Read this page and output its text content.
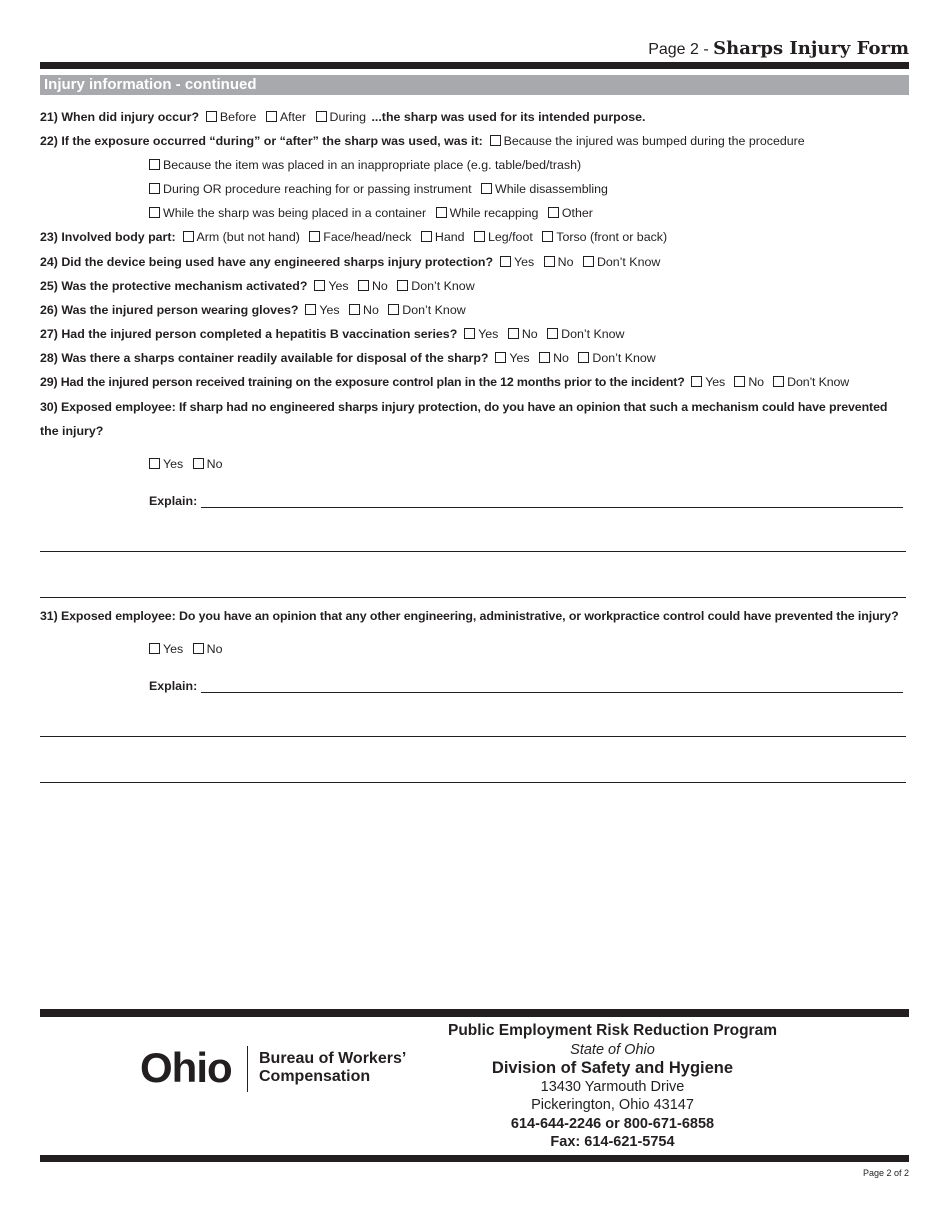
Page 2 - Sharps Injury Form
Injury information - continued
21) When did injury occur? Before After During ...the sharp was used for its intended purpose.
22) If the exposure occurred “during” or “after” the sharp was used, was it: Because the injured was bumped during the procedure
Because the item was placed in an inappropriate place (e.g. table/bed/trash)
During OR procedure reaching for or passing instrument While disassembling
While the sharp was being placed in a container While recapping Other
23) Involved body part: Arm (but not hand) Face/head/neck Hand Leg/foot Torso (front or back)
24) Did the device being used have any engineered sharps injury protection? Yes No Don’t Know
25) Was the protective mechanism activated? Yes No Don’t Know
26) Was the injured person wearing gloves? Yes No Don’t Know
27) Had the injured person completed a hepatitis B vaccination series? Yes No Don’t Know
28) Was there a sharps container readily available for disposal of the sharp? Yes No Don’t Know
29) Had the injured person received training on the exposure control plan in the 12 months prior to the incident? Yes No Don’t Know
30) Exposed employee: If sharp had no engineered sharps injury protection, do you have an opinion that such a mechanism could have prevented
the injury?
Yes No
Explain:
31) Exposed employee: Do you have an opinion that any other engineering, administrative, or workpractice control could have prevented the injury?
Yes No
Explain:
Ohio Bureau of Workers’
Compensation
Public Employment Risk Reduction Program
State of Ohio
Division of Safety and Hygiene
13430 Yarmouth Drive
Pickerington, Ohio 43147
614-644-2246 or 800-671-6858
Fax: 614-621-5754
Page 2 of 2
